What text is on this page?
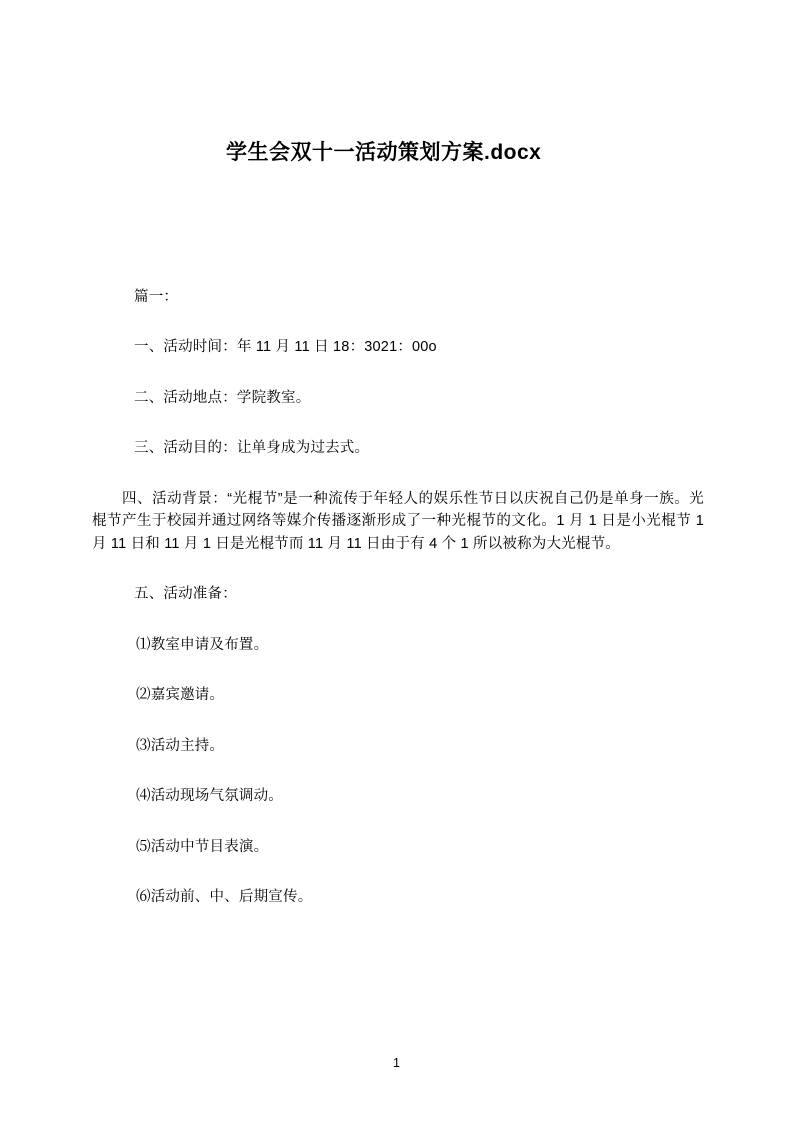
学生会双十一活动策划方案.docx

篇一：

一、活动时间：年 11 月 11 日 18：3021：00o

二、活动地点：学院教室。

三、活动目的：让单身成为过去式。

四、活动背景：“光棍节”是一种流传于年轻人的娱乐性节日以庆祝自己仍是单身一族。光棍节产生于校园并通过网络等媒介传播逐渐形成了一种光棍节的文化。1 月 1 日是小光棍节 1 月 11 日和 11 月 1 日是光棍节而 11 月 11 日由于有 4 个 1 所以被称为大光棍节。

五、活动准备：

⑴教室申请及布置。

⑵嘉宾邀请。

⑶活动主持。

⑷活动现场气氛调动。

⑸活动中节目表演。

⑹活动前、中、后期宣传。

1
